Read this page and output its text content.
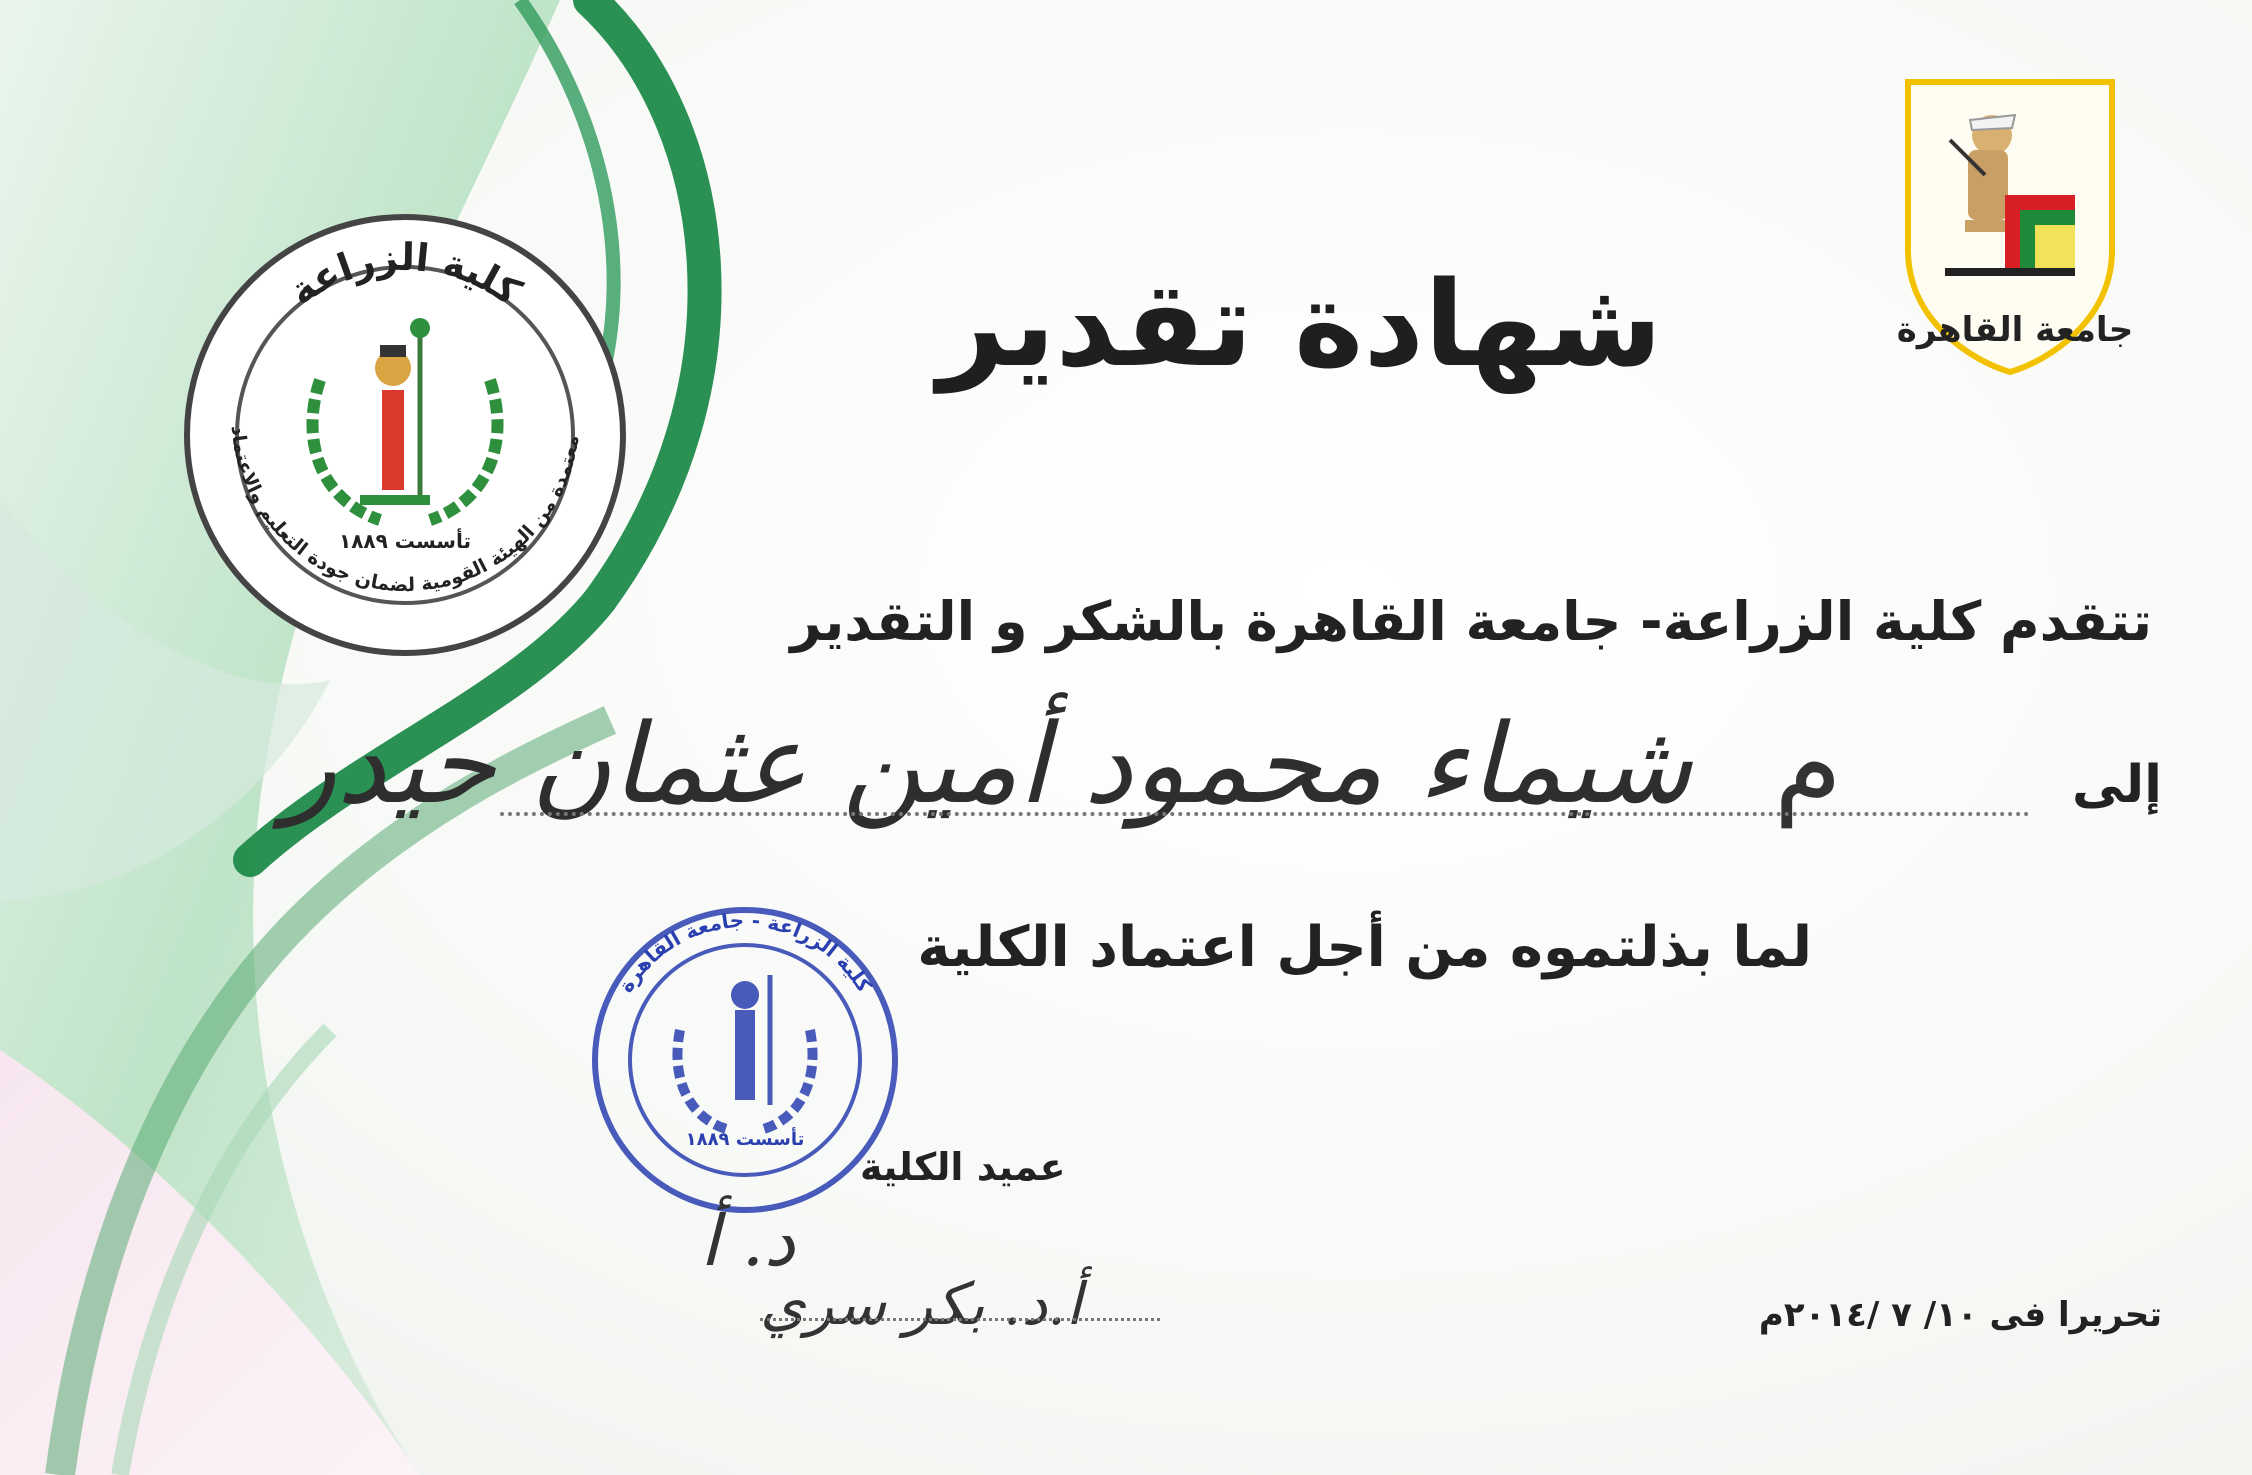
كلية الزراعة
معتمدة من الهيئة القومية لضمان جودة التعليم والاعتماد
تأسست ١٨٨٩
كلية الزراعة - جامعة القاهرة
تأسست ١٨٨٩
جامعة القاهرة
شهادة تقدير
تتقدم كلية الزراعة- جامعة القاهرة بالشكر و التقدير
إلى
م
شيماء محمود أمين عثمان حيدر
لما بذلتموه من أجل اعتماد الكلية
عميد الكلية
د. أ
أ.د. بكر سري	تحريرا فى ١٠/ ٧ /٢٠١٤م
